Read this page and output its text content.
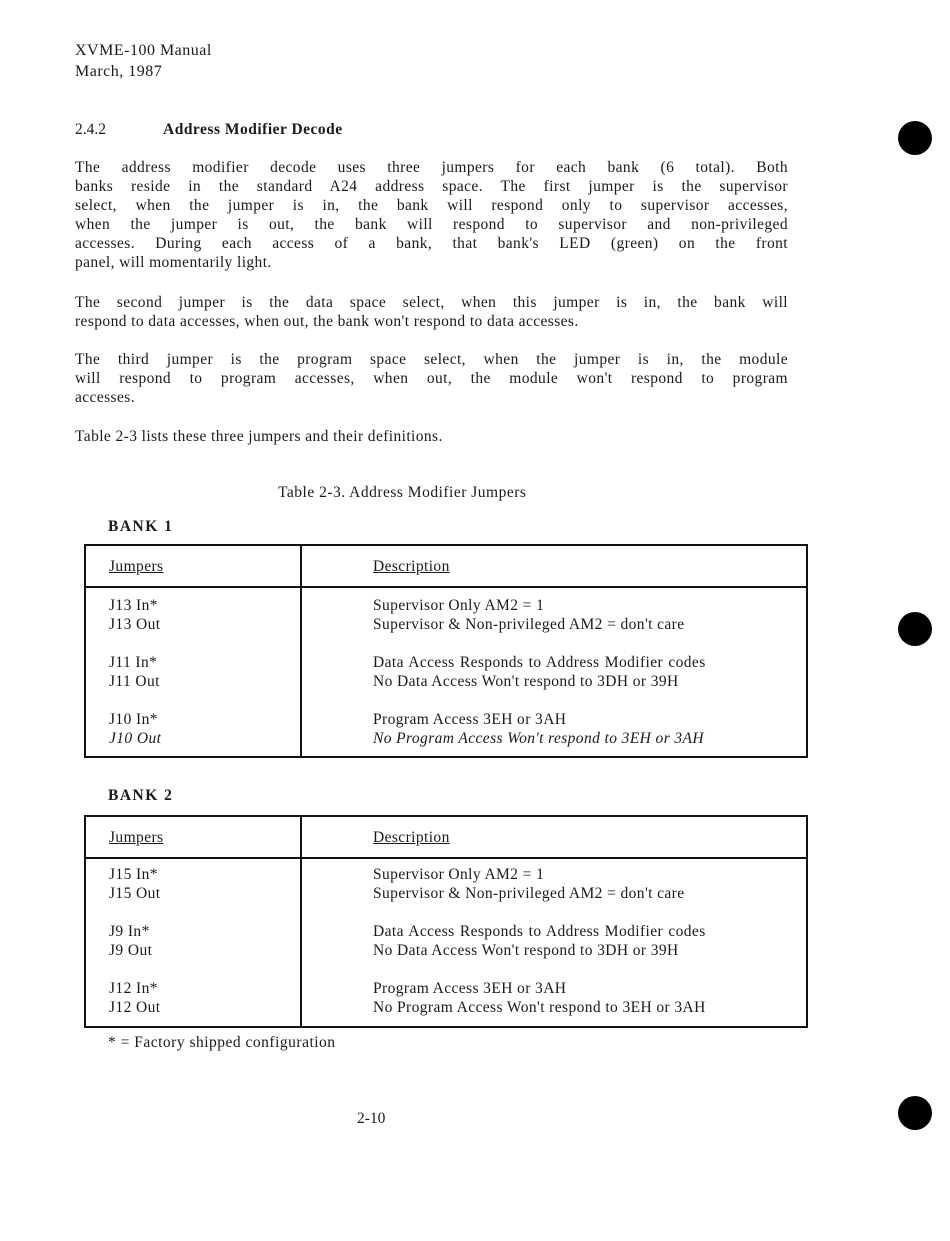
XVME-100 Manual
March, 1987
2.4.2	Address Modifier Decode

The address modifier decode uses three jumpers for each bank (6 total). Both
banks reside in the standard A24 address space. The first jumper is the supervisor
select, when the jumper is in, the bank will respond only to supervisor accesses,
when the jumper is out, the bank will respond to supervisor and non-privileged
accesses. During each access of a bank, that bank's LED (green) on the front
panel, will momentarily light.

The second jumper is the data space select, when this jumper is in, the bank will
respond to data accesses, when out, the bank won't respond to data accesses.

The third jumper is the program space select, when the jumper is in, the module
will respond to program accesses, when out, the module won't respond to program
accesses.

Table 2-3 lists these three jumpers and their definitions.

Table 2-3. Address Modifier Jumpers
BANK 1
Jumpers	Description
J13 In*	Supervisor Only AM2 = 1
J13 Out	Supervisor & Non-privileged AM2 = don't care
J11 In*	Data Access Responds to Address Modifier codes
J11 Out	No Data Access Won't respond to 3DH or 39H
J10 In*	Program Access 3EH or 3AH
J10 Out	No Program Access Won't respond to 3EH or 3AH
BANK 2
Jumpers	Description
J15 In*	Supervisor Only AM2 = 1
J15 Out	Supervisor & Non-privileged AM2 = don't care
J9 In*	Data Access Responds to Address Modifier codes
J9 Out	No Data Access Won't respond to 3DH or 39H
J12 In*	Program Access 3EH or 3AH
J12 Out	No Program Access Won't respond to 3EH or 3AH
* = Factory shipped configuration
2-10
